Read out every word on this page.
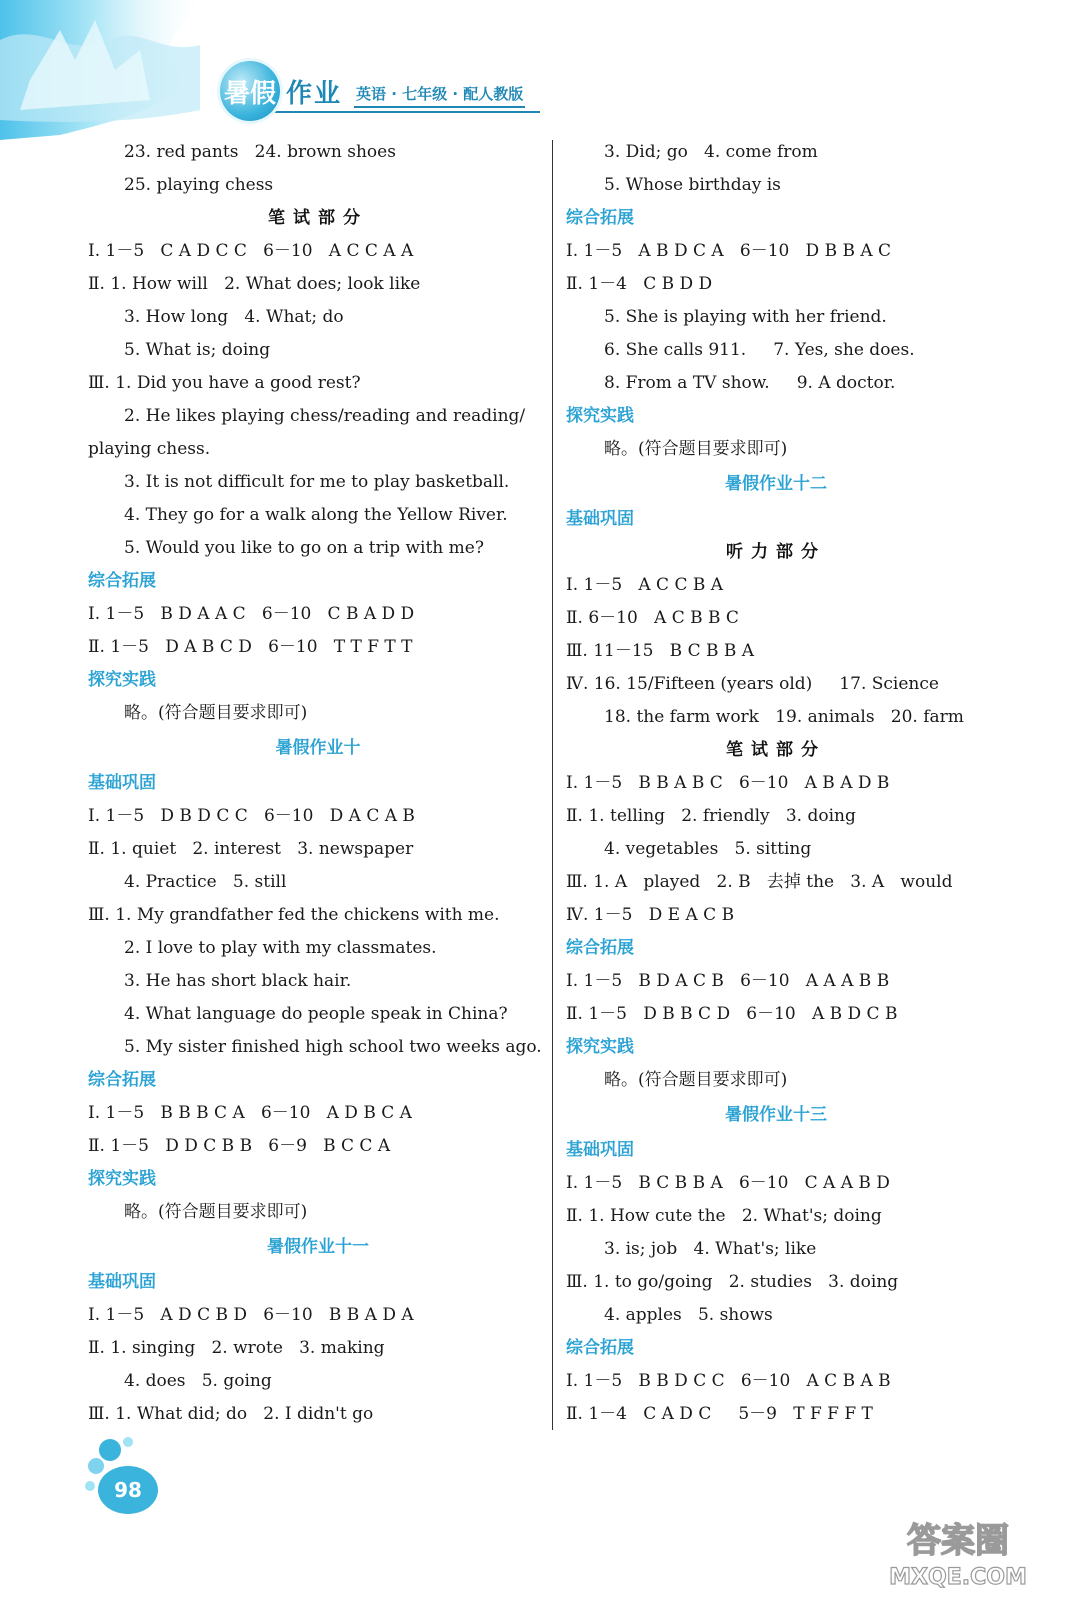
暑假 作业 英语 · 七年级 · 配人教版
23. red pants   24. brown shoes
25. playing chess
笔试部分
Ⅰ. 1－5   C A D C C   6－10   A C C A A
Ⅱ. 1. How will   2. What does; look like
3. How long   4. What; do
5. What is; doing
Ⅲ. 1. Did you have a good rest?
2. He likes playing chess/reading and reading/
playing chess.
3. It is not difficult for me to play basketball.
4. They go for a walk along the Yellow River.
5. Would you like to go on a trip with me?
综合拓展
Ⅰ. 1－5   B D A A C   6－10   C B A D D
Ⅱ. 1－5   D A B C D   6－10   T T F T T
探究实践
略。(符合题目要求即可)
暑假作业十
基础巩固
Ⅰ. 1－5   D B D C C   6－10   D A C A B
Ⅱ. 1. quiet   2. interest   3. newspaper
4. Practice   5. still
Ⅲ. 1. My grandfather fed the chickens with me.
2. I love to play with my classmates.
3. He has short black hair.
4. What language do people speak in China?
5. My sister finished high school two weeks ago.
综合拓展
Ⅰ. 1－5   B B B C A   6－10   A D B C A
Ⅱ. 1－5   D D C B B   6－9   B C C A
探究实践
略。(符合题目要求即可)
暑假作业十一
基础巩固
Ⅰ. 1－5   A D C B D   6－10   B B A D A
Ⅱ. 1. singing   2. wrote   3. making
4. does   5. going
Ⅲ. 1. What did; do   2. I didn't go
3. Did; go   4. come from
5. Whose birthday is
综合拓展
Ⅰ. 1－5   A B D C A   6－10   D B B A C
Ⅱ. 1－4   C B D D
5. She is playing with her friend.
6. She calls 911.     7. Yes, she does.
8. From a TV show.     9. A doctor.
探究实践
略。(符合题目要求即可)
暑假作业十二
基础巩固
听力部分
Ⅰ. 1－5   A C C B A
Ⅱ. 6－10   A C B B C
Ⅲ. 11－15   B C B B A
Ⅳ. 16. 15/Fifteen (years old)     17. Science
18. the farm work   19. animals   20. farm
笔试部分
Ⅰ. 1－5   B B A B C   6－10   A B A D B
Ⅱ. 1. telling   2. friendly   3. doing
4. vegetables   5. sitting
Ⅲ. 1. A   played   2. B   去掉 the   3. A   would
Ⅳ. 1－5   D E A C B
综合拓展
Ⅰ. 1－5   B D A C B   6－10   A A A B B
Ⅱ. 1－5   D B B C D   6－10   A B D C B
探究实践
略。(符合题目要求即可)
暑假作业十三
基础巩固
Ⅰ. 1－5   B C B B A   6－10   C A A B D
Ⅱ. 1. How cute the   2. What's; doing
3. is; job   4. What's; like
Ⅲ. 1. to go/going   2. studies   3. doing
4. apples   5. shows
综合拓展
Ⅰ. 1－5   B B D C C   6－10   A C B A B
Ⅱ. 1－4   C A D C     5－9   T F F F T
98
答案圈
MXQE.COM
